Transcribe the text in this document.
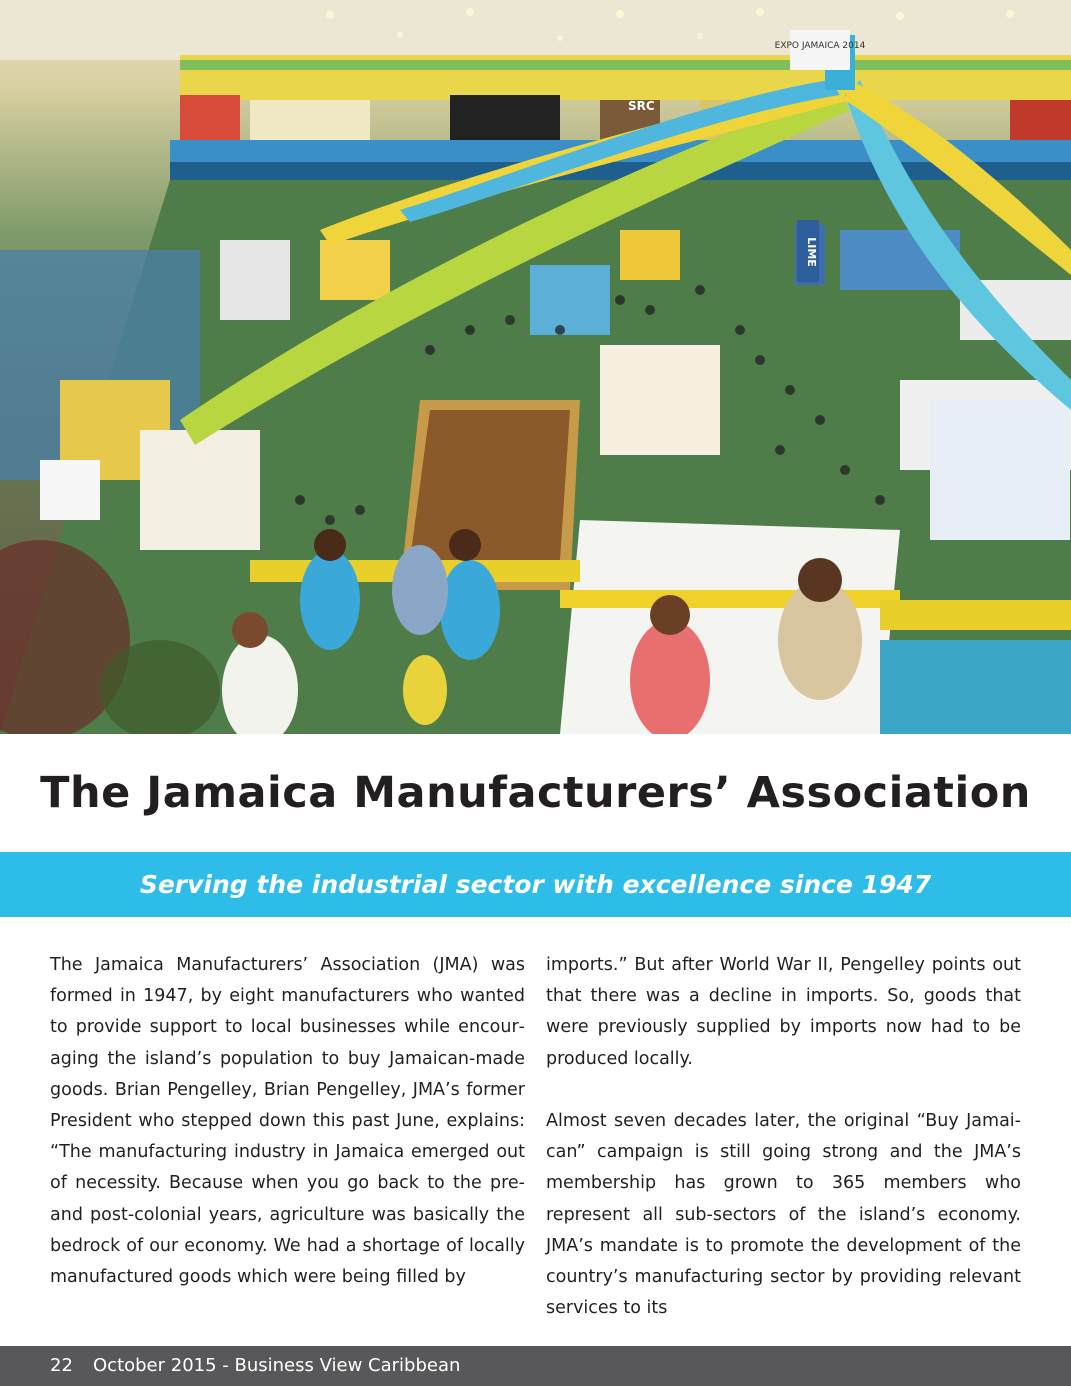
EXPO JAMAICA 2014
LIME
SRC
The Jamaica Manufacturers’ Association
Serving the industrial sector with excellence since 1947

The Jamaica Manufacturers’ Association (JMA) was formed in 1947, by eight manufacturers who wanted to provide support to local businesses while encouraging the island’s population to buy Jamaican-made goods. Brian Pengelley, Brian Pengelley, JMA’s former President who stepped down this past June, explains: “The manufacturing industry in Jamaica emerged out of necessity. Because when you go back to the pre- and post-colonial years, agriculture was basically the bedrock of our economy. We had a shortage of locally manufactured goods which were being filled by

imports.” But after World War II, Pengelley points out that there was a decline in imports. So, goods that were previously supplied by imports now had to be produced locally.

Almost seven decades later, the original “Buy Jamaican” campaign is still going strong and the JMA’s membership has grown to 365 members who represent all sub-sectors of the island’s economy. JMA’s mandate is to promote the development of the country’s manufacturing sector by providing relevant services to its

22 October 2015 - Business View Caribbean
